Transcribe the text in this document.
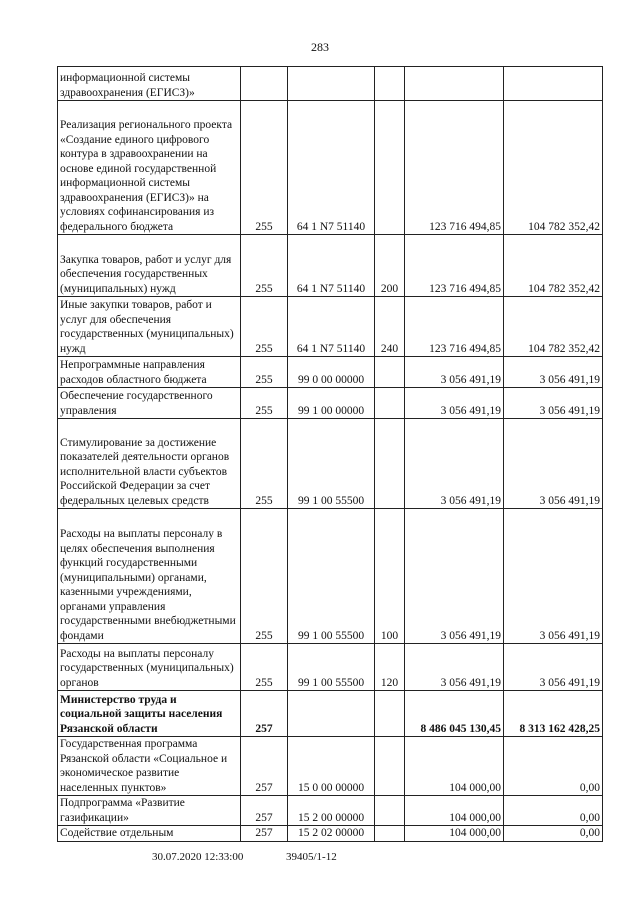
283
информационной системы здравоохранения (ЕГИСЗ)»					
Реализация регионального проекта «Создание единого цифрового контура в здравоохранении на основе единой государственной информационной системы здравоохранения (ЕГИСЗ)» на условиях софинансирования из федерального бюджета	255	64 1 N7 51140		123 716 494,85	104 782 352,42
Закупка товаров, работ и услуг для обеспечения государственных (муниципальных) нужд	255	64 1 N7 51140	200	123 716 494,85	104 782 352,42
Иные закупки товаров, работ и услуг для обеспечения государственных (муниципальных) нужд	255	64 1 N7 51140	240	123 716 494,85	104 782 352,42
Непрограммные направления расходов областного бюджета	255	99 0 00 00000		3 056 491,19	3 056 491,19
Обеспечение государственного управления	255	99 1 00 00000		3 056 491,19	3 056 491,19
Стимулирование за достижение показателей деятельности органов исполнительной власти субъектов Российской Федерации за счет федеральных целевых средств	255	99 1 00 55500		3 056 491,19	3 056 491,19
Расходы на выплаты персоналу в целях обеспечения выполнения функций государственными (муниципальными) органами, казенными учреждениями, органами управления государственными внебюджетными фондами	255	99 1 00 55500	100	3 056 491,19	3 056 491,19
Расходы на выплаты персоналу государственных (муниципальных) органов	255	99 1 00 55500	120	3 056 491,19	3 056 491,19
Министерство труда и социальной защиты населения Рязанской области	257			8 486 045 130,45	8 313 162 428,25
Государственная программа Рязанской области «Социальное и экономическое развитие населенных пунктов»	257	15 0 00 00000		104 000,00	0,00
Подпрограмма «Развитие газификации»	257	15 2 00 00000		104 000,00	0,00
Содействие отдельным	257	15 2 02 00000		104 000,00	0,00
30.07.2020 12:33:00	39405/1-12
